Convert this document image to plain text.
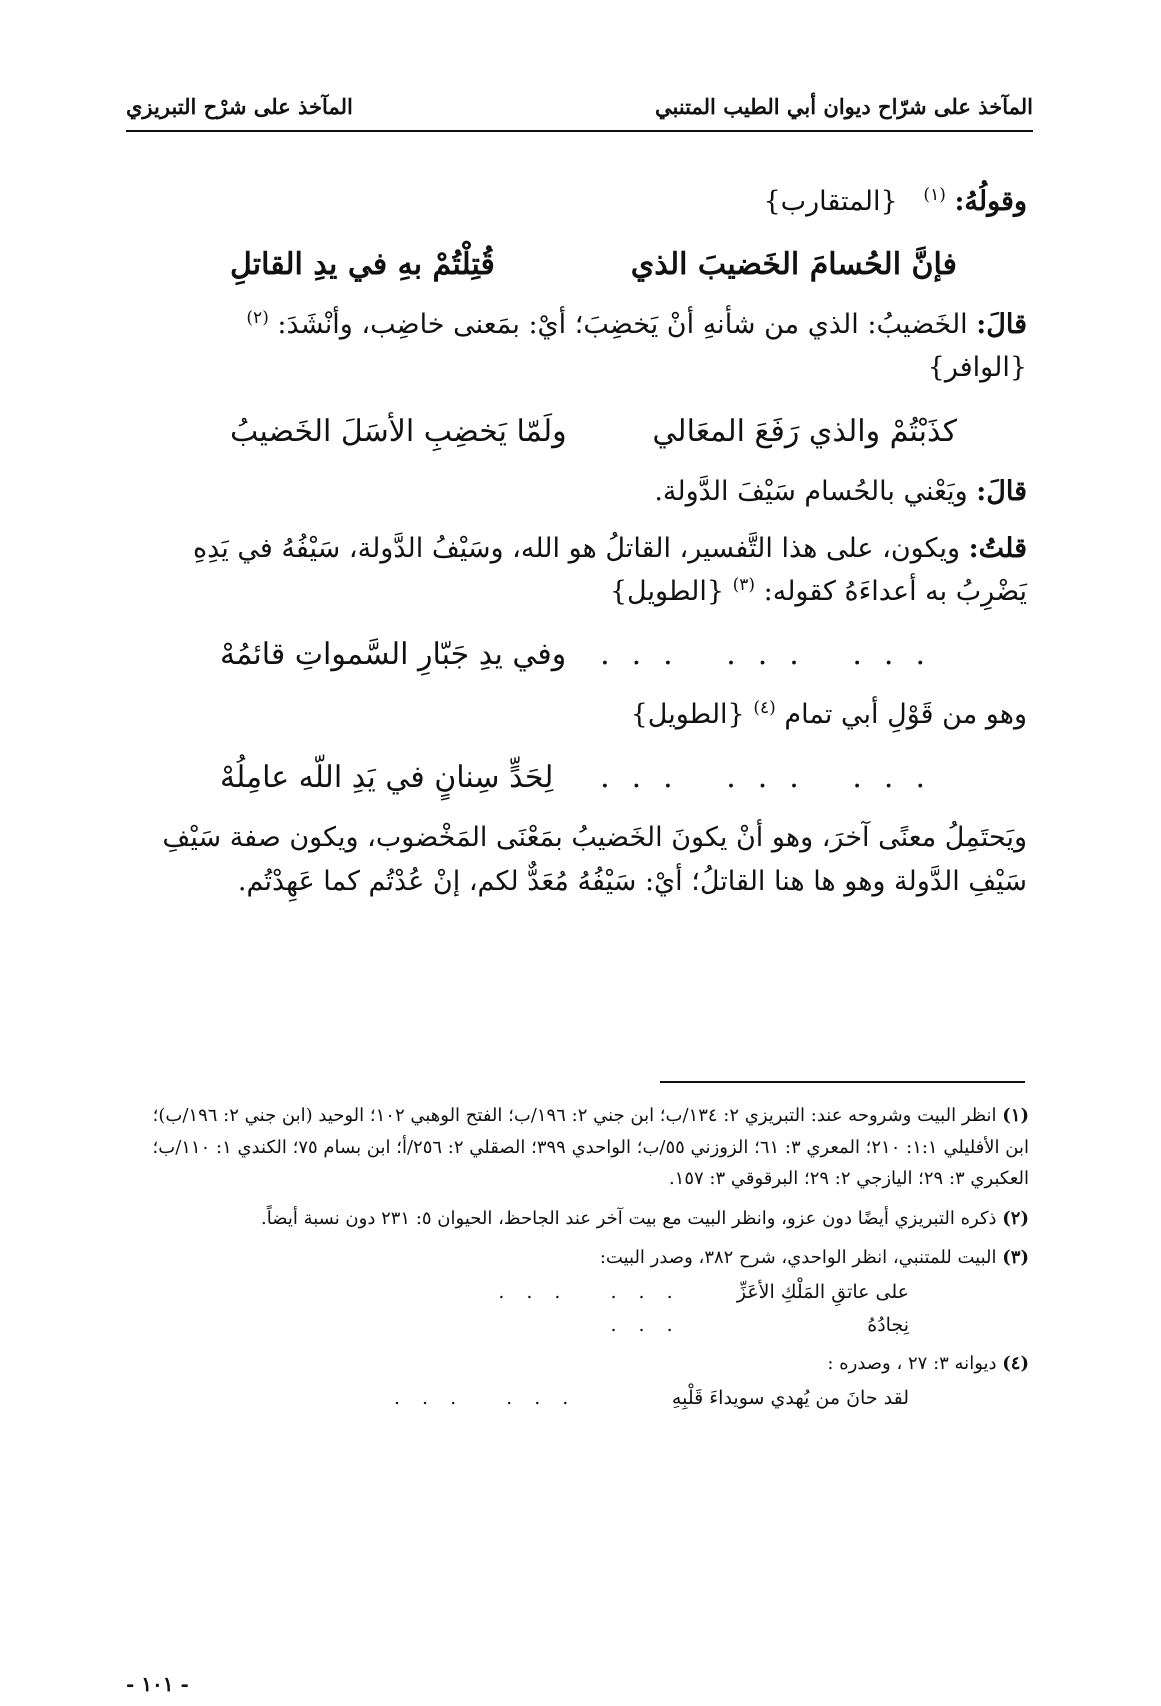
المآخذ على شرّاح ديوان أبي الطيب المتنبي
المآخذ على شرْح التبريزي

وقولُهُ: $^{(١)}$   {المتقارب}

فإنَّ الحُسامَ الخَضيبَ الذي
قُتِلْتُمْ بهِ في يدِ القاتلِ

قالَ: الخَضيبُ: الذي من شأنهِ أنْ يَخضِبَ؛ أيْ: بمَعنى خاضِب، وأنْشَدَ: $^{(٢)}$ {الوافر}

كذَبْتُمْ والذي رَفَعَ المعَالي
ولَمّا يَخضِبِ الأسَلَ الخَضيبُ

قالَ: ويَعْني بالحُسام سَيْفَ الدَّولة.

قلتُ: ويكون، على هذا التَّفسير، القاتلُ هو الله، وسَيْفُ الدَّولة، سَيْفُهُ في يَدِهِ يَضْرِبُ به أعداءَهُ كقوله: $^{(٣)}$ {الطويل}

... ... ...
وفي يدِ جَبّارِ السَّمواتِ قائمُهْ

وهو من قَوْلِ أبي تمام $^{(٤)}$ {الطويل}

... ... ...
لِحَدٍّ سِنانٍ في يَدِ اللّه عامِلُهْ

ويَحتَمِلُ معنًى آخرَ، وهو أنْ يكونَ الخَضيبُ بمَعْنَى المَخْضوب، ويكون صفة سَيْفِ سَيْفِ الدَّولة وهو ها هنا القاتلُ؛ أيْ: سَيْفُهُ مُعَدٌّ لكم، إنْ عُدْتُم كما عَهِدْتُم.

(١) انظر البيت وشروحه عند: التبريزي ٢: ١٣٤/ب؛ ابن جني ٢: ١٩٦/ب؛ الفتح الوهبي ١٠٢؛ الوحيد (ابن جني ٢: ١٩٦/ب)؛ ابن الأفليلي ١:١: ٢١٠؛ المعري ٣: ٦١؛ الزوزني ٥٥/ب؛ الواحدي ٣٩٩؛ الصقلي ٢: ٢٥٦/أ؛ ابن بسام ٧٥؛ الكندي ١: ١١٠/ب؛ العكبري ٣: ٢٩؛ اليازجي ٢: ٢٩؛ البرقوقي ٣: ١٥٧.

(٢) ذكره التبريزي أيضًا دون عزو، وانظر البيت مع بيت آخر عند الجاحظ، الحيوان ٥: ٢٣١ دون نسبة أيضاً.

(٣) البيت للمتنبي، انظر الواحدي، شرح ٣٨٢، وصدر البيت:

على عاتقِ المَلْكِ الأعَزِّ نِجادُهُ
... ... ...

(٤) ديوانه ٣: ٢٧ ، وصدره :

لقد حانَ من يُهدي سويداءَ قَلْبِهِ
... ...
- ١٠١ -
